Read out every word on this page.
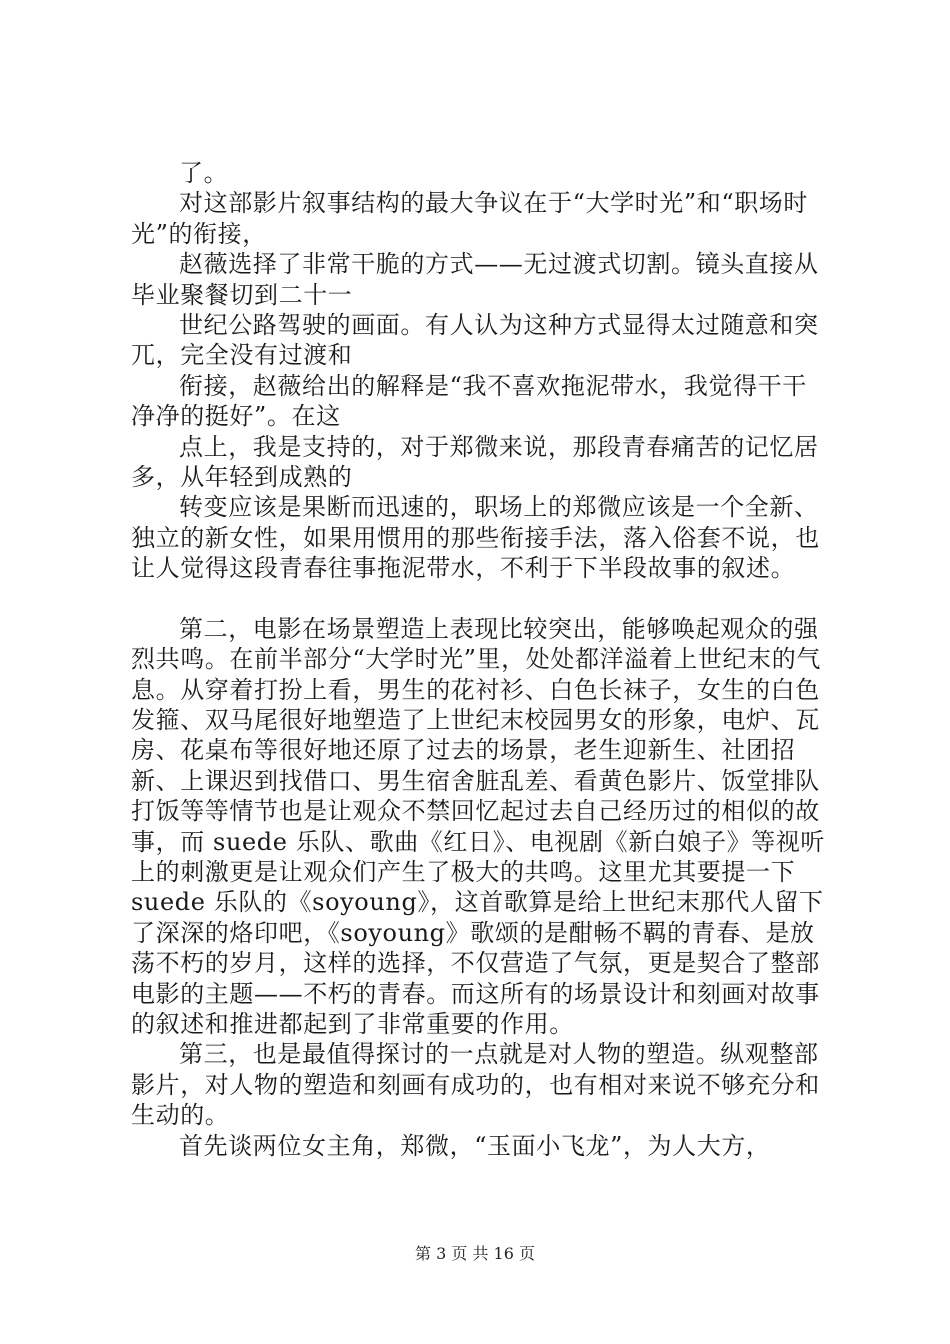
了。

对这部影片叙事结构的最大争议在于“大学时光”和“职场时光”的衔接，

赵薇选择了非常干脆的方式——无过渡式切割。镜头直接从毕业聚餐切到二十一

世纪公路驾驶的画面。有人认为这种方式显得太过随意和突兀，完全没有过渡和

衔接，赵薇给出的解释是“我不喜欢拖泥带水，我觉得干干净净的挺好”。在这

点上，我是支持的，对于郑微来说，那段青春痛苦的记忆居多，从年轻到成熟的

转变应该是果断而迅速的，职场上的郑微应该是一个全新、独立的新女性，如果用惯用的那些衔接手法，落入俗套不说，也让人觉得这段青春往事拖泥带水，不利于下半段故事的叙述。

第二，电影在场景塑造上表现比较突出，能够唤起观众的强烈共鸣。在前半部分“大学时光”里，处处都洋溢着上世纪末的气息。从穿着打扮上看，男生的花衬衫、白色长袜子，女生的白色发箍、双马尾很好地塑造了上世纪末校园男女的形象，电炉、瓦房、花桌布等很好地还原了过去的场景，老生迎新生、社团招新、上课迟到找借口、男生宿舍脏乱差、看黄色影片、饭堂排队打饭等等情节也是让观众不禁回忆起过去自己经历过的相似的故事，而 suede 乐队、歌曲《红日》、电视剧《新白娘子》等视听上的刺激更是让观众们产生了极大的共鸣。这里尤其要提一下 suede 乐队的《soyoung》，这首歌算是给上世纪末那代人留下了深深的烙印吧，《soyoung》歌颂的是酣畅不羁的青春、是放荡不朽的岁月，这样的选择，不仅营造了气氛，更是契合了整部电影的主题——不朽的青春。而这所有的场景设计和刻画对故事的叙述和推进都起到了非常重要的作用。

第三，也是最值得探讨的一点就是对人物的塑造。纵观整部影片，对人物的塑造和刻画有成功的，也有相对来说不够充分和生动的。

首先谈两位女主角，郑微，“玉面小飞龙”，为人大方，

第 3 页 共 16 页
